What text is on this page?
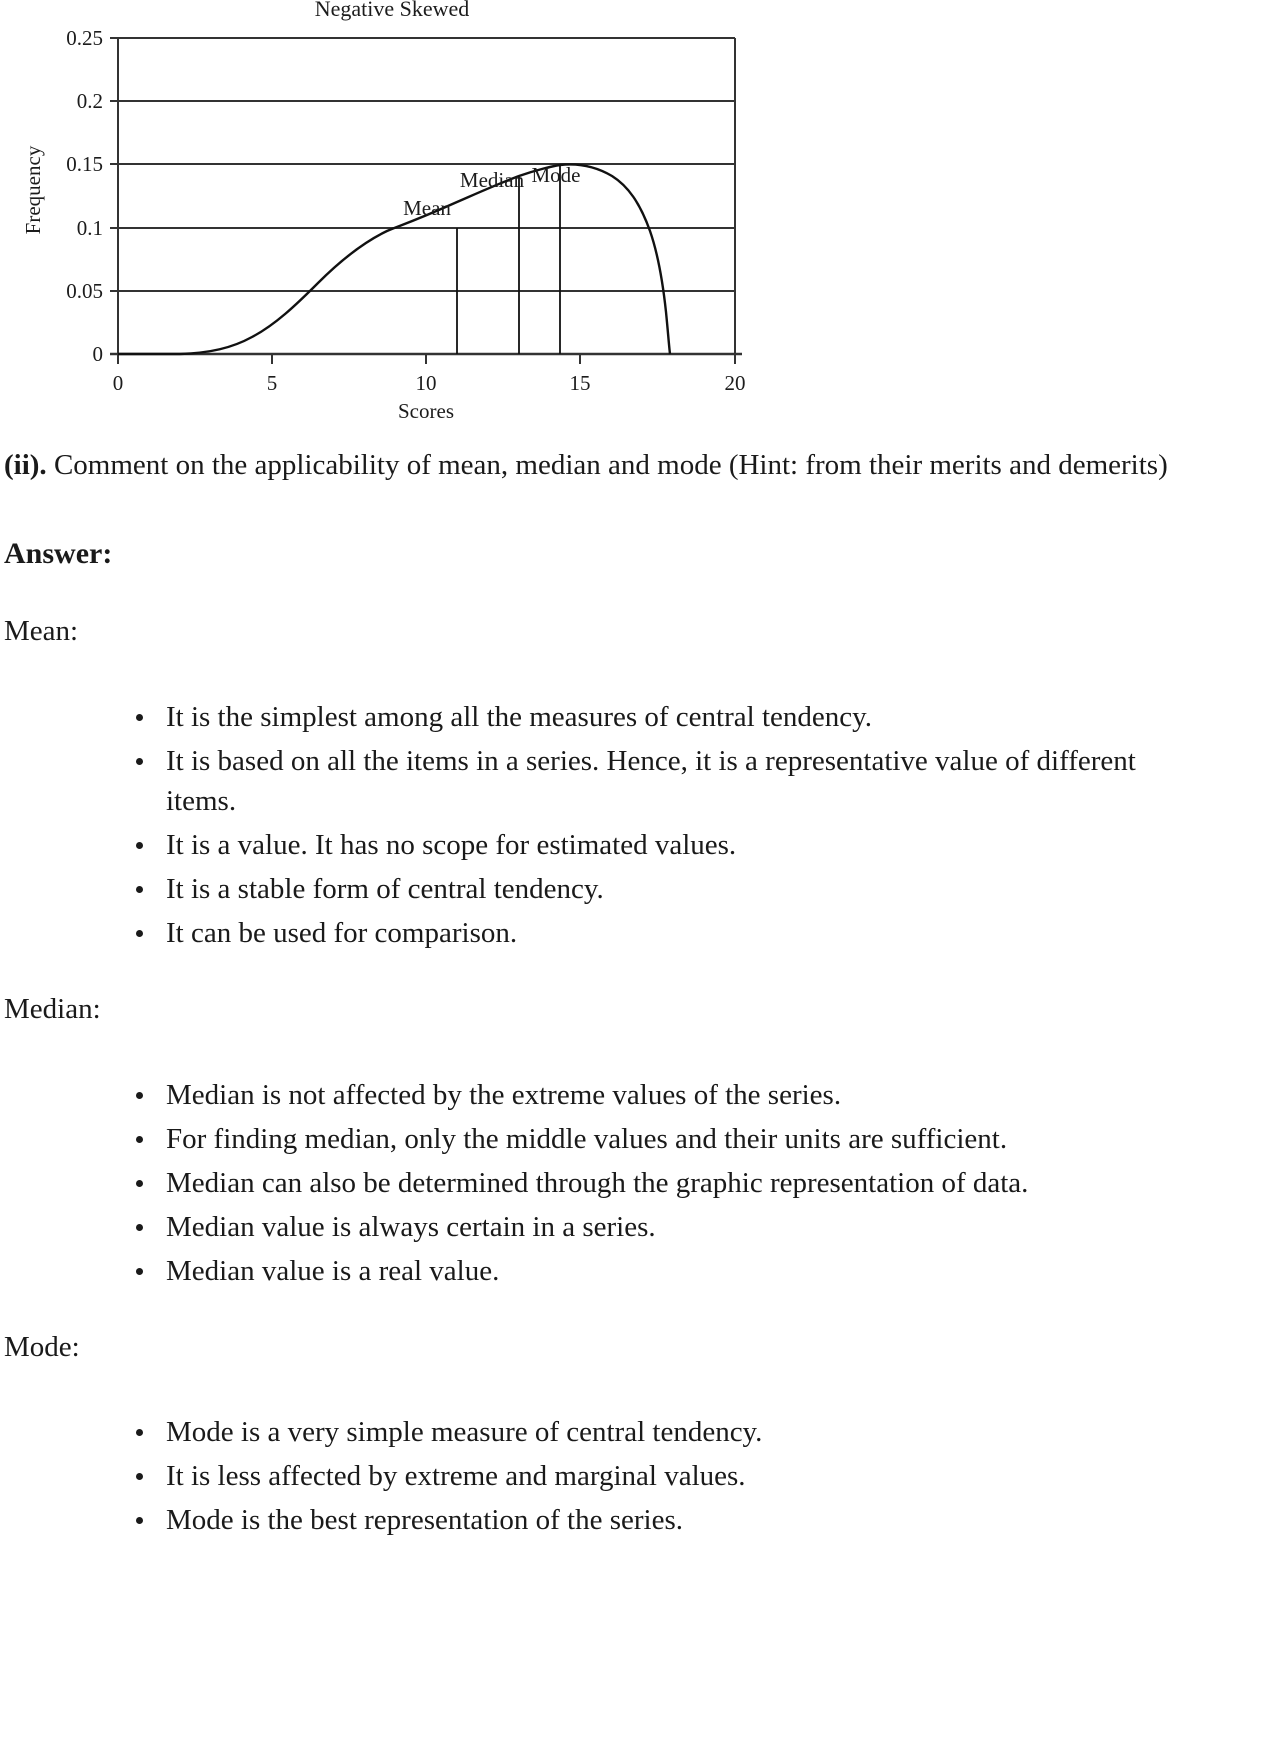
Negative Skewed
Frequency
0.25
0.2
0.15
0.1
0.05
0
0	5	10	15	20
Scores
Mean
Median Mode

(ii). Comment on the applicability of mean, median and mode (Hint: from their merits and demerits)

Answer:
Mean:
It is the simplest among all the measures of central tendency.
It is based on all the items in a series. Hence, it is a representative value of different items.
It is a value. It has no scope for estimated values.
It is a stable form of central tendency.
It can be used for comparison.
Median:
Median is not affected by the extreme values of the series.
For finding median, only the middle values and their units are sufficient.
Median can also be determined through the graphic representation of data.
Median value is always certain in a series.
Median value is a real value.
Mode:
Mode is a very simple measure of central tendency.
It is less affected by extreme and marginal values.
Mode is the best representation of the series.
